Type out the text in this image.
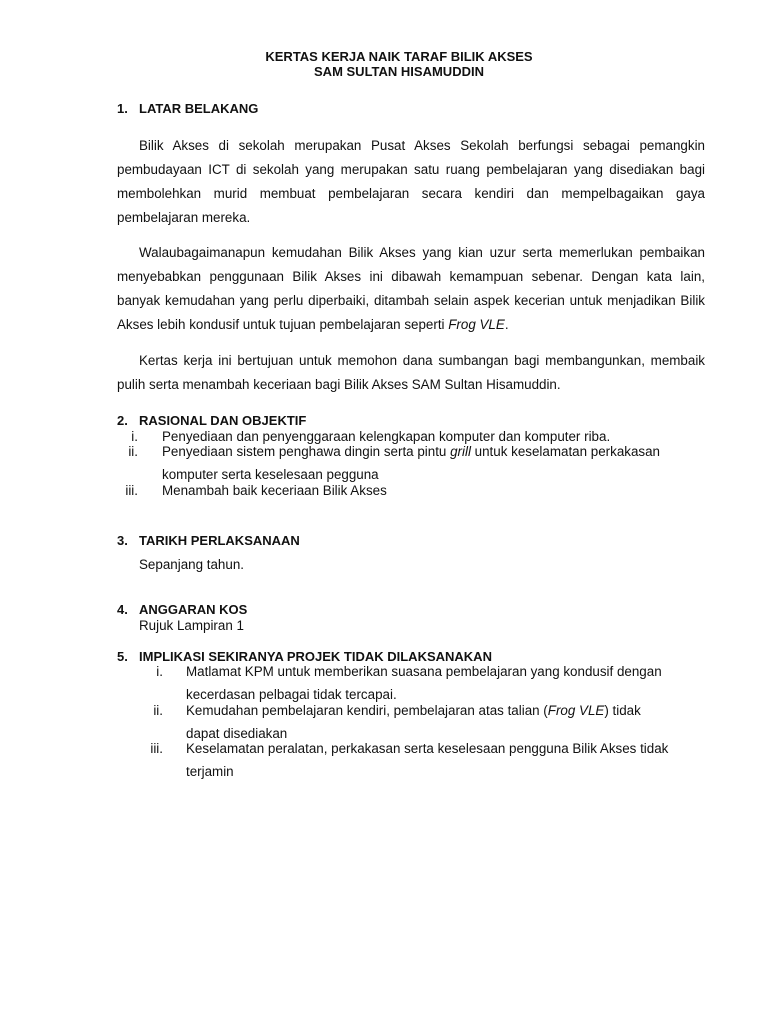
KERTAS KERJA NAIK TARAF BILIK AKSES
SAM SULTAN HISAMUDDIN
1. LATAR BELAKANG
Bilik Akses di sekolah merupakan Pusat Akses Sekolah berfungsi sebagai pemangkin pembudayaan ICT di sekolah yang merupakan satu ruang pembelajaran yang disediakan bagi membolehkan murid membuat pembelajaran secara kendiri dan mempelbagaikan gaya pembelajaran mereka.
Walaubagaimanapun kemudahan Bilik Akses yang kian uzur serta memerlukan pembaikan menyebabkan penggunaan Bilik Akses ini dibawah kemampuan sebenar. Dengan kata lain, banyak kemudahan yang perlu diperbaiki, ditambah selain aspek kecerian untuk menjadikan Bilik Akses lebih kondusif untuk tujuan pembelajaran seperti Frog VLE.
Kertas kerja ini bertujuan untuk memohon dana sumbangan bagi membangunkan, membaik pulih serta menambah keceriaan bagi Bilik Akses SAM Sultan Hisamuddin.
2. RASIONAL DAN OBJEKTIF
i. Penyediaan dan penyenggaraan kelengkapan komputer dan komputer riba.
ii. Penyediaan sistem penghawa dingin serta pintu grill untuk keselamatan perkakasan
komputer serta keselesaan pegguna
iii. Menambah baik keceriaan Bilik Akses
3. TARIKH PERLAKSANAAN
Sepanjang tahun.
4. ANGGARAN KOS
Rujuk Lampiran 1
5. IMPLIKASI SEKIRANYA PROJEK TIDAK DILAKSANAKAN
i. Matlamat KPM untuk memberikan suasana pembelajaran yang kondusif dengan
kecerdasan pelbagai tidak tercapai.
ii. Kemudahan pembelajaran kendiri, pembelajaran atas talian (Frog VLE) tidak
dapat disediakan
iii. Keselamatan peralatan, perkakasan serta keselesaan pengguna Bilik Akses tidak
terjamin
